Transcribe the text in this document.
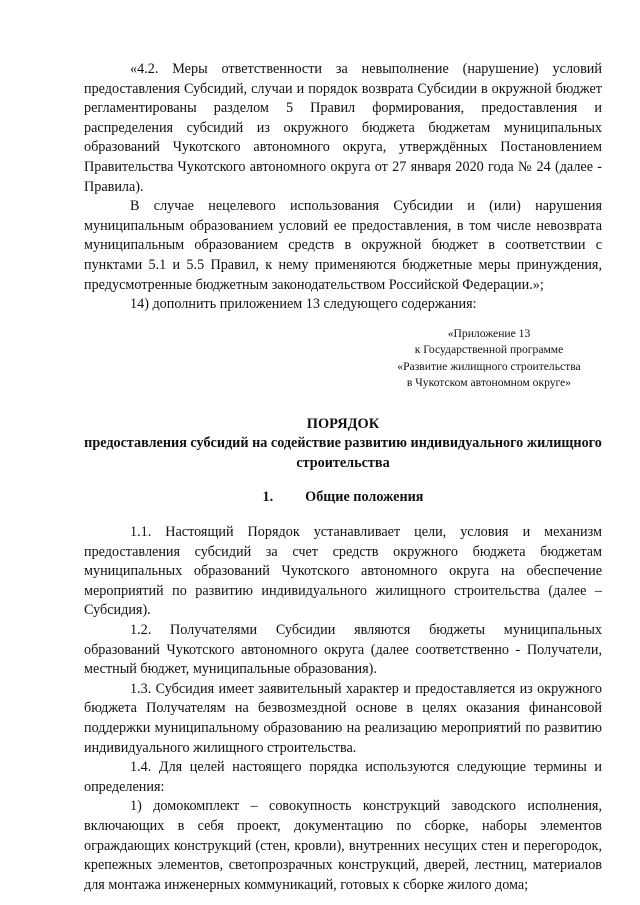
«4.2. Меры ответственности за невыполнение (нарушение) условий предоставления Субсидий, случаи и порядок возврата Субсидии в окружной бюджет регламентированы разделом 5 Правил формирования, предоставления и распределения субсидий из окружного бюджета бюджетам муниципальных образований Чукотского автономного округа, утверждённых Постановлением Правительства Чукотского автономного округа от 27 января 2020 года № 24 (далее - Правила).

В случае нецелевого использования Субсидии и (или) нарушения муниципальным образованием условий ее предоставления, в том числе невозврата муниципальным образованием средств в окружной бюджет в соответствии с пунктами 5.1 и 5.5 Правил, к нему применяются бюджетные меры принуждения, предусмотренные бюджетным законодательством Российской Федерации.»;

14) дополнить приложением 13 следующего содержания:

«Приложение 13
к Государственной программе
«Развитие жилищного строительства
в Чукотском автономном округе»
ПОРЯДОК
предоставления субсидий на содействие развитию индивидуального жилищного строительства
1. Общие положения

1.1. Настоящий Порядок устанавливает цели, условия и механизм предоставления субсидий за счет средств окружного бюджета бюджетам муниципальных образований Чукотского автономного округа на обеспечение мероприятий по развитию индивидуального жилищного строительства (далее – Субсидия).

1.2. Получателями Субсидии являются бюджеты муниципальных образований Чукотского автономного округа (далее соответственно - Получатели, местный бюджет, муниципальные образования).

1.3. Субсидия имеет заявительный характер и предоставляется из окружного бюджета Получателям на безвозмездной основе в целях оказания финансовой поддержки муниципальному образованию на реализацию мероприятий по развитию индивидуального жилищного строительства.

1.4. Для целей настоящего порядка используются следующие термины и определения:

1) домокомплект – совокупность конструкций заводского исполнения, включающих в себя проект, документацию по сборке, наборы элементов ограждающих конструкций (стен, кровли), внутренних несущих стен и перегородок, крепежных элементов, светопрозрачных конструкций, дверей, лестниц, материалов для монтажа инженерных коммуникаций, готовых к сборке жилого дома;
